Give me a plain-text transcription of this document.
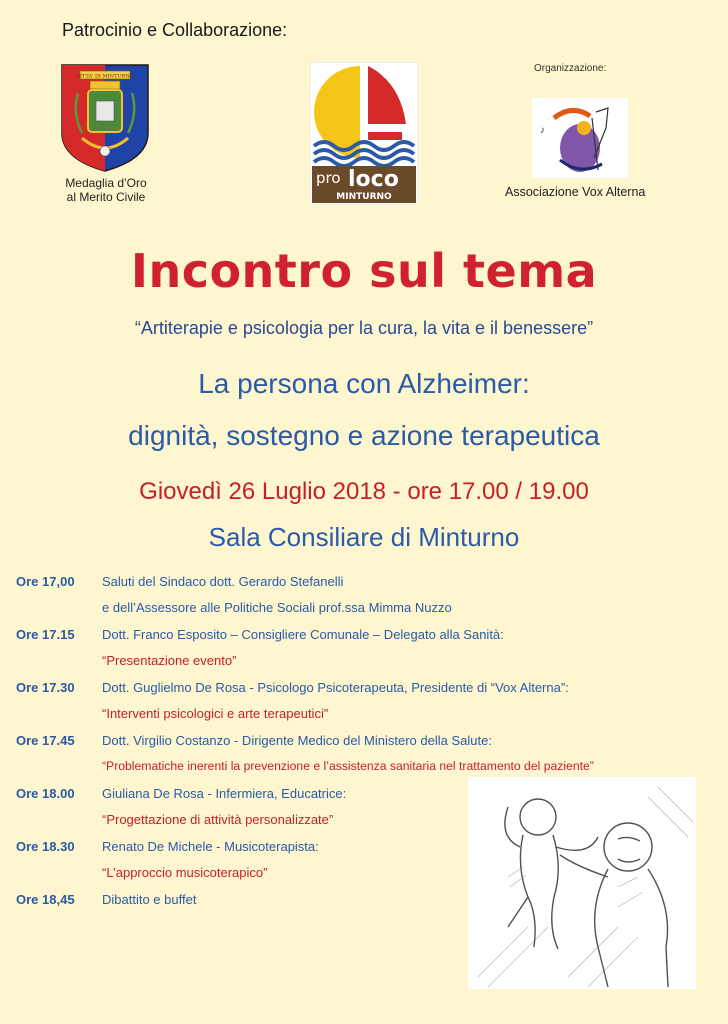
Patrocinio e Collaborazione:
CITTA' DI MINTURNO
Medaglia d’Oro
al Merito Civile
pro loco
MINTURNO
Organizzazione:
♪
Associazione Vox Alterna
Incontro sul tema
“Artiterapie e psicologia per la cura, la vita e il benessere”
La persona con Alzheimer:
dignità, sostegno e azione terapeutica
Giovedì 26 Luglio 2018 - ore 17.00 / 19.00
Sala Consiliare di Minturno
Ore 17,00 Saluti del Sindaco dott. Gerardo Stefanelli
e dell’Assessore alle Politiche Sociali prof.ssa Mimma Nuzzo
Ore 17.15 Dott. Franco Esposito – Consigliere Comunale – Delegato alla Sanità:
“Presentazione evento”
Ore 17.30 Dott. Guglielmo De Rosa - Psicologo Psicoterapeuta, Presidente di “Vox Alterna”:
“Interventi psicologici e arte terapeutici”
Ore 17.45 Dott. Virgilio Costanzo - Dirigente Medico del Ministero della Salute:
“Problematiche inerenti la prevenzione e l’assistenza sanitaria nel trattamento del paziente”
Ore 18.00 Giuliana De Rosa - Infermiera, Educatrice:
“Progettazione di attività personalizzate”
Ore 18.30 Renato De Michele - Musicoterapista:
“L’approccio musicoterapico”
Ore 18,45 Dibattito e buffet
